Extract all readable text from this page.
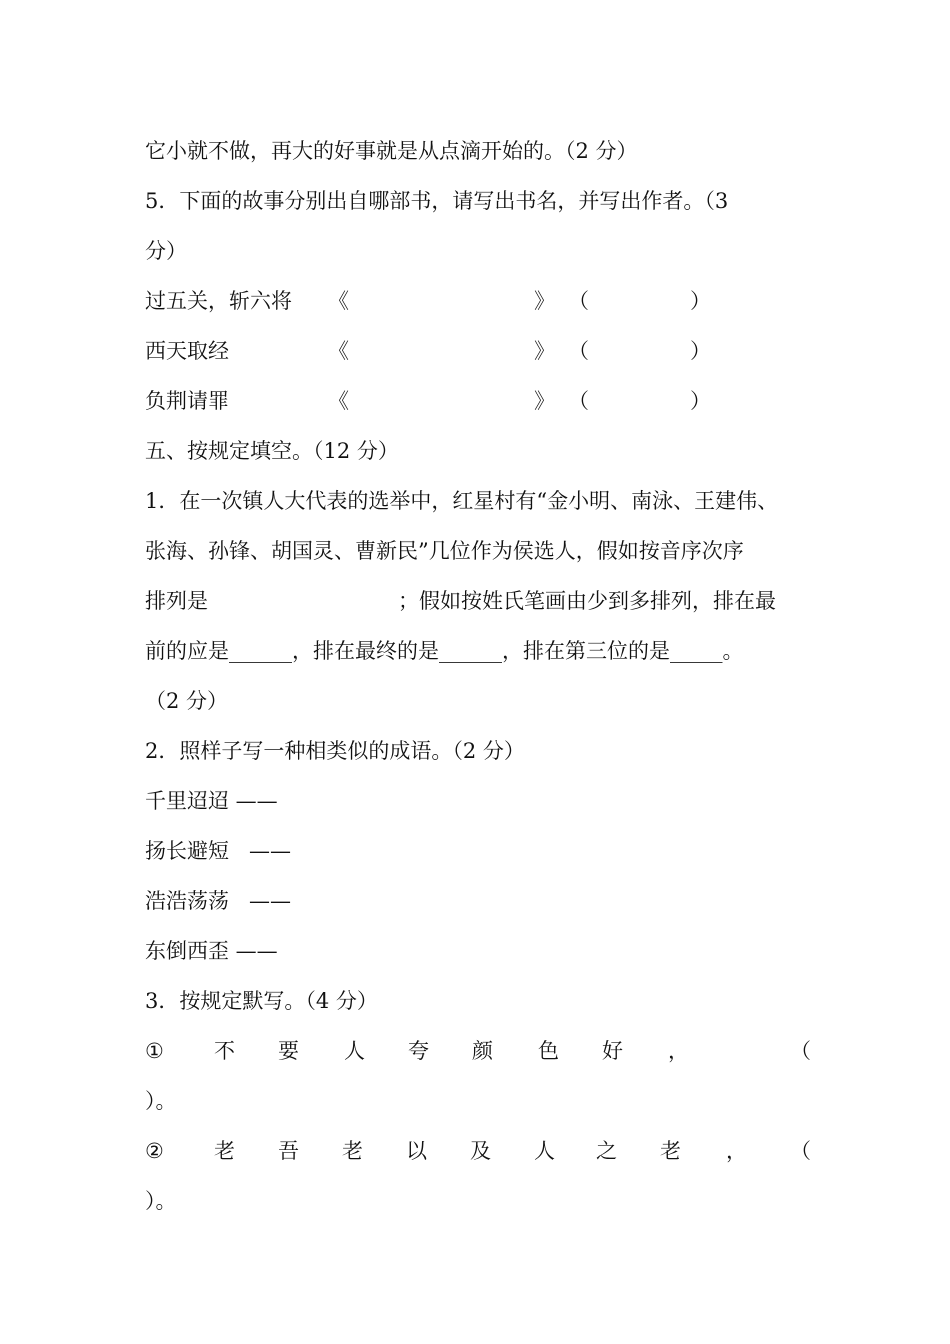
它小就不做，再大的好事就是从点滴开始的。（2 分）
5．下面的故事分别出自哪部书，请写出书名，并写出作者。（3
分）
过五关，斩六将 《	》 （	）
西天取经	《	》 （	）
负荆请罪	《	》 （	）
五、按规定填空。（12 分）
1．在一次镇人大代表的选举中，红星村有“金小明、南泳、王建伟、
张海、孙锋、胡国灵、曹新民”几位作为侯选人，假如按音序次序
排列是	；假如按姓氏笔画由少到多排列，排在最
前的应是______，排在最终的是______，排在第三位的是_____。
（2 分）
2．照样子写一种相类似的成语。（2 分）
千里迢迢 ——
扬长避短   ——
浩浩荡荡   ——
东倒西歪 ——
3．按规定默写。（4 分）
① 不 要 人 夸 颜 色 好 ，	（
）。
② 老 吾 老 以 及 人 之 老 ， （
）。
